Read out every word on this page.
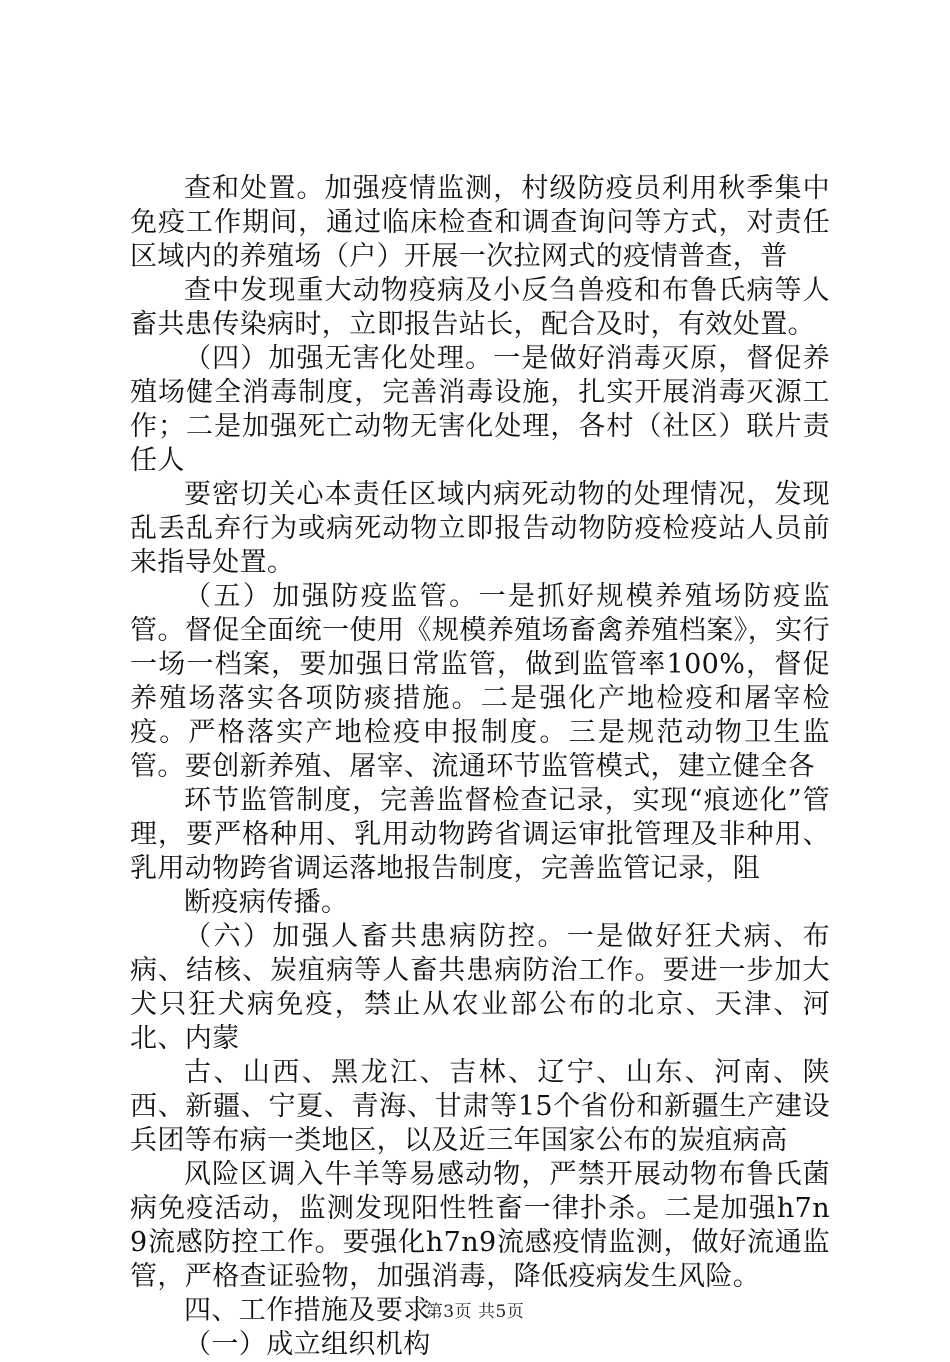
查和处置。加强疫情监测，村级防疫员利用秋季集中免疫工作期间，通过临床检查和调查询问等方式，对责任区域内的养殖场（户）开展一次拉网式的疫情普查，普

查中发现重大动物疫病及小反刍兽疫和布鲁氏病等人畜共患传染病时，立即报告站长，配合及时，有效处置。

（四）加强无害化处理。一是做好消毒灭原，督促养殖场健全消毒制度，完善消毒设施，扎实开展消毒灭源工作；二是加强死亡动物无害化处理，各村（社区）联片责任人

要密切关心本责任区域内病死动物的处理情况，发现乱丢乱弃行为或病死动物立即报告动物防疫检疫站人员前来指导处置。

（五）加强防疫监管。一是抓好规模养殖场防疫监管。督促全面统一使用《规模养殖场畜禽养殖档案》，实行一场一档案，要加强日常监管，做到监管率100%，督促养殖场落实各项防痰措施。二是强化产地检疫和屠宰检疫。严格落实产地检疫申报制度。三是规范动物卫生监管。要创新养殖、屠宰、流通环节监管模式，建立健全各

环节监管制度，完善监督检查记录，实现“痕迹化”管理，要严格种用、乳用动物跨省调运审批管理及非种用、乳用动物跨省调运落地报告制度，完善监管记录，阻

断疫病传播。

（六）加强人畜共患病防控。一是做好狂犬病、布病、结核、炭疽病等人畜共患病防治工作。要进一步加大犬只狂犬病免疫，禁止从农业部公布的北京、天津、河北、内蒙

古、山西、黑龙江、吉林、辽宁、山东、河南、陕西、新疆、宁夏、青海、甘肃等15个省份和新疆生产建设兵团等布病一类地区，以及近三年国家公布的炭疽病高

风险区调入牛羊等易感动物，严禁开展动物布鲁氏菌病免疫活动，监测发现阳性牲畜一律扑杀。二是加强h7n9流感防控工作。要强化h7n9流感疫情监测，做好流通监管，严格查证验物，加强消毒，降低疫病发生风险。

四、工作措施及要求

（一）成立组织机构

第3页 共5页
